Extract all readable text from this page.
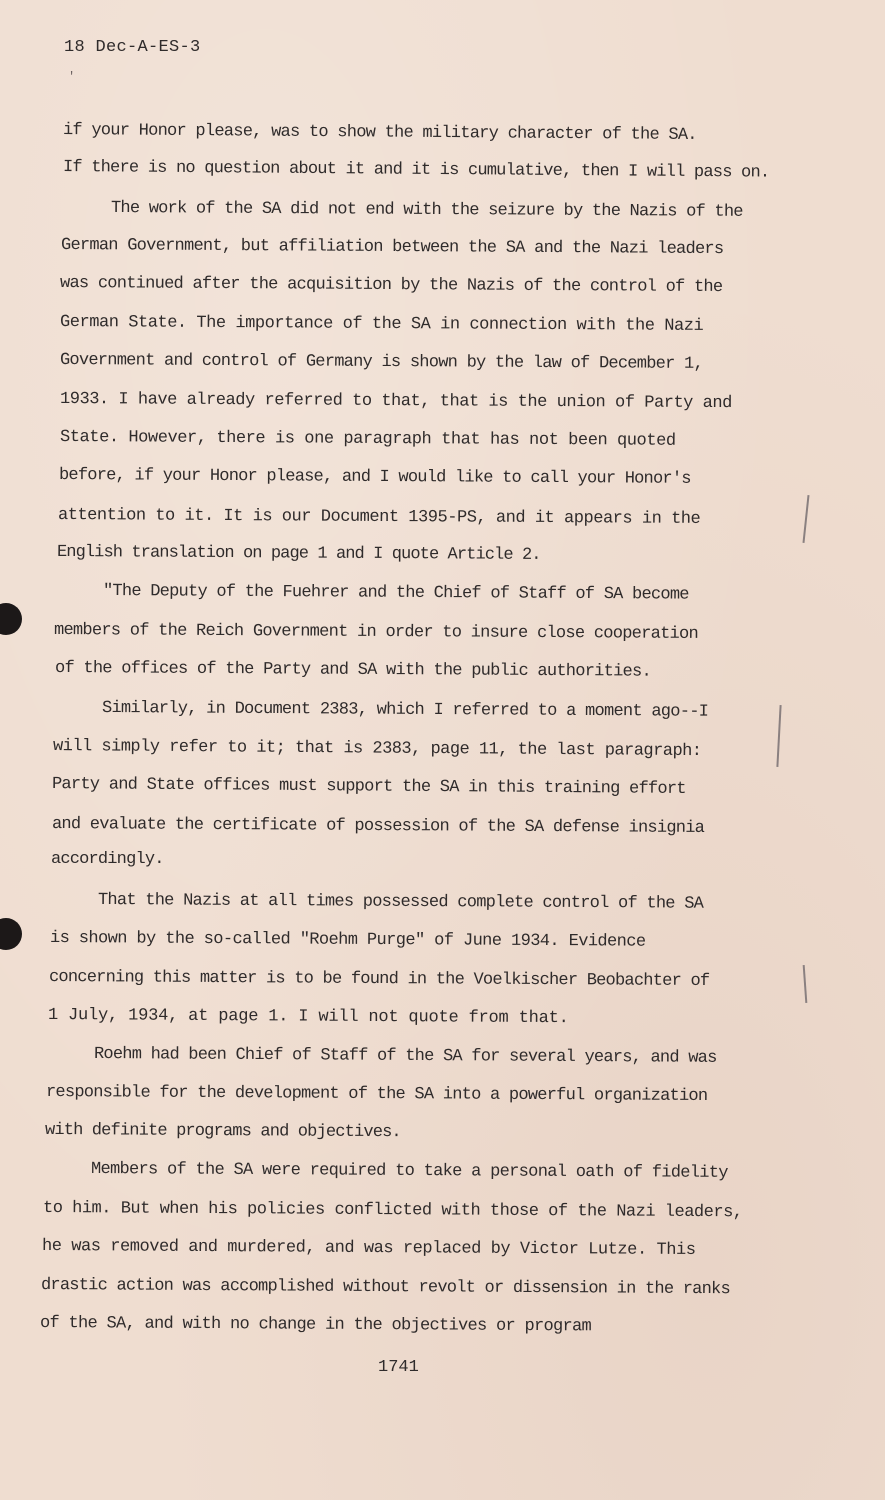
18 Dec-A-ES-3
'
if your Honor please, was to show the military character of the SA.
If there is no question about it and it is cumulative, then I will pass on.
The work of the SA did not end with the seizure by the Nazis of the
German Government, but affiliation between the SA and the Nazi leaders
was continued after the acquisition by the Nazis of the control of the
German State. The importance of the SA in connection with the Nazi
Government and control of Germany is shown by the law of December 1,
1933. I have already referred to that, that is the union of Party and
State. However, there is one paragraph that has not been quoted
before, if your Honor please, and I would like to call your Honor's
attention to it. It is our Document 1395-PS, and it appears in the
English translation on page 1 and I quote Article 2.
"The Deputy of the Fuehrer and the Chief of Staff of SA become
members of the Reich Government in order to insure close cooperation
of the offices of the Party and SA with the public authorities.
Similarly, in Document 2383, which I referred to a moment ago--I
will simply refer to it; that is 2383, page 11, the last paragraph:
Party and State offices must support the SA in this training effort
and evaluate the certificate of possession of the SA defense insignia
accordingly.
That the Nazis at all times possessed complete control of the SA
is shown by the so-called "Roehm Purge" of June 1934. Evidence
concerning this matter is to be found in the Voelkischer Beobachter of
1 July, 1934, at page 1. I will not quote from that.
Roehm had been Chief of Staff of the SA for several years, and was
responsible for the development of the SA into a powerful organization
with definite programs and objectives.
Members of the SA were required to take a personal oath of fidelity
to him. But when his policies conflicted with those of the Nazi leaders,
he was removed and murdered, and was replaced by Victor Lutze. This
drastic action was accomplished without revolt or dissension in the ranks
of the SA, and with no change in the objectives or program
1741
